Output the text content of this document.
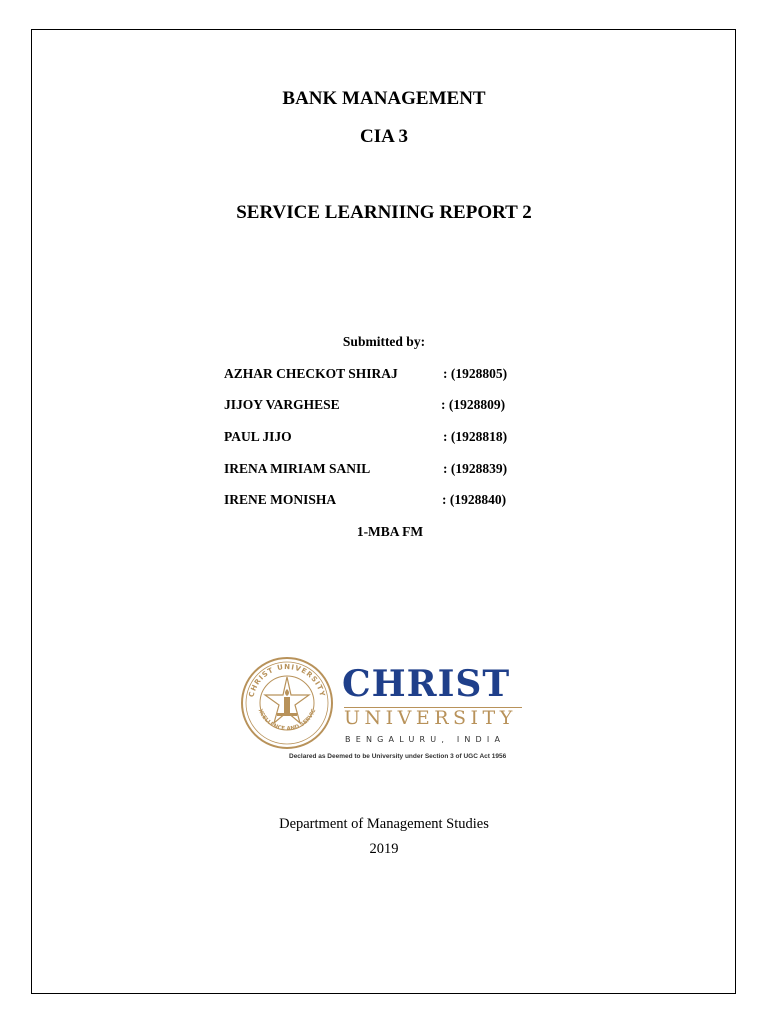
BANK MANAGEMENT
CIA 3
SERVICE LEARNIING REPORT 2
Submitted by:
AZHAR CHECKOT SHIRAJ	: (1928805)
JIJOY VARGHESE	: (1928809)
PAUL JIJO	: (1928818)
IRENA MIRIAM SANIL	: (1928839)
IRENE MONISHA	: (1928840)
1-MBA FM
CHRIST UNIVERSITY
XCELLENCE AND SERVIC
CHRIST
UNIVERSITY
BENGALURU, INDIA
Declared as Deemed to be University under Section 3 of UGC Act 1956
Department of Management Studies
2019
